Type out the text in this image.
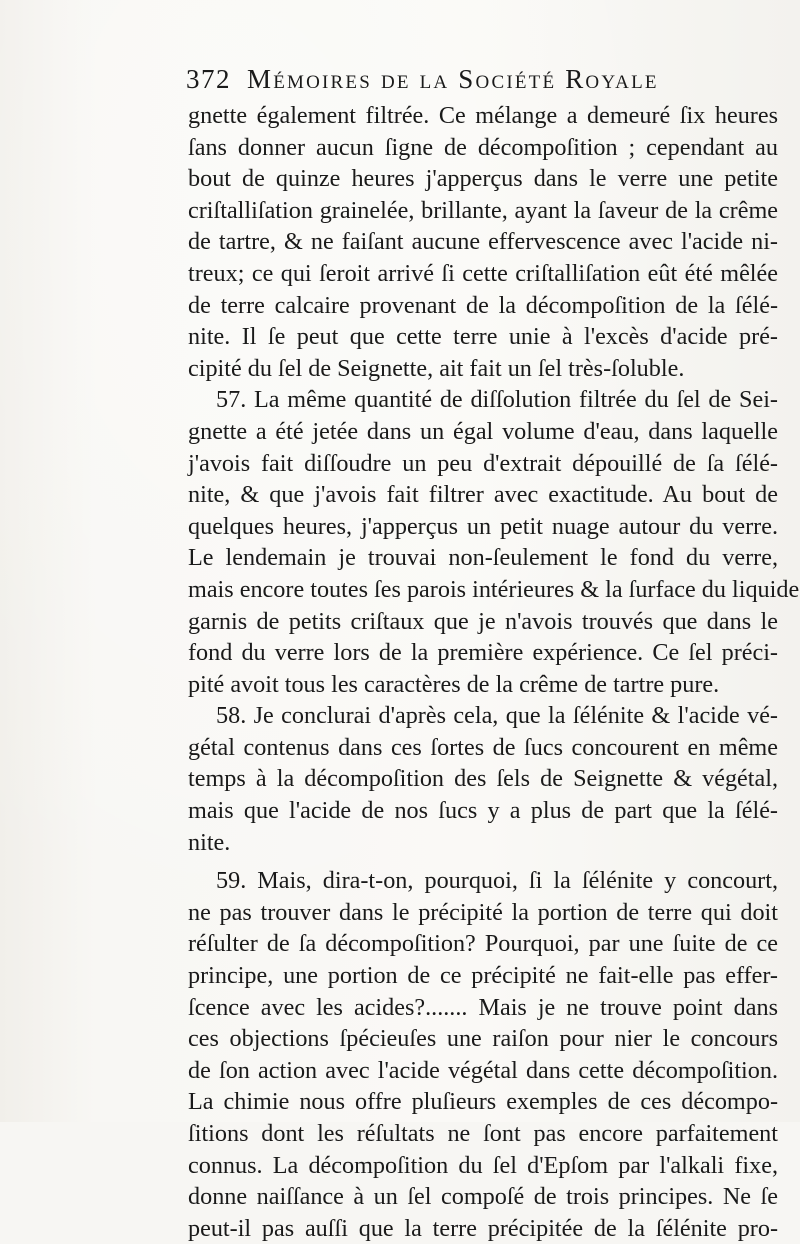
372 Mémoires de la Société Royale
gnette également filtrée. Ce mélange a demeuré ſix heures
ſans donner aucun ſigne de décompoſition ; cependant au
bout de quinze heures j'apperçus dans le verre une petite
criſtalliſation grainelée, brillante, ayant la ſaveur de la crême
de tartre, & ne faiſant aucune effervescence avec l'acide ni-
treux; ce qui ſeroit arrivé ſi cette criſtalliſation eût été mêlée
de terre calcaire provenant de la décompoſition de la ſélé-
nite. Il ſe peut que cette terre unie à l'excès d'acide pré-
cipité du ſel de Seignette, ait fait un ſel très-ſoluble.
57. La même quantité de diſſolution filtrée du ſel de Sei-
gnette a été jetée dans un égal volume d'eau, dans laquelle
j'avois fait diſſoudre un peu d'extrait dépouillé de ſa ſélé-
nite, & que j'avois fait filtrer avec exactitude. Au bout de
quelques heures, j'apperçus un petit nuage autour du verre.
Le lendemain je trouvai non-ſeulement le fond du verre,
mais encore toutes ſes parois intérieures & la ſurface du liquide
garnis de petits criſtaux que je n'avois trouvés que dans le
fond du verre lors de la première expérience. Ce ſel préci-
pité avoit tous les caractères de la crême de tartre pure.
58. Je conclurai d'après cela, que la ſélénite & l'acide vé-
gétal contenus dans ces ſortes de ſucs concourent en même
temps à la décompoſition des ſels de Seignette & végétal,
mais que l'acide de nos ſucs y a plus de part que la ſélé-
nite.
59. Mais, dira-t-on, pourquoi, ſi la ſélénite y concourt,
ne pas trouver dans le précipité la portion de terre qui doit
réſulter de ſa décompoſition? Pourquoi, par une ſuite de ce
principe, une portion de ce précipité ne fait-elle pas effer-
ſcence avec les acides?....... Mais je ne trouve point dans
ces objections ſpécieuſes une raiſon pour nier le concours
de ſon action avec l'acide végétal dans cette décompoſition.
La chimie nous offre pluſieurs exemples de ces décompo-
ſitions dont les réſultats ne ſont pas encore parfaitement
connus. La décompoſition du ſel d'Epſom par l'alkali fixe,
donne naiſſance à un ſel compoſé de trois principes. Ne ſe
peut-il pas auſſi que la terre précipitée de la ſélénite pro-
